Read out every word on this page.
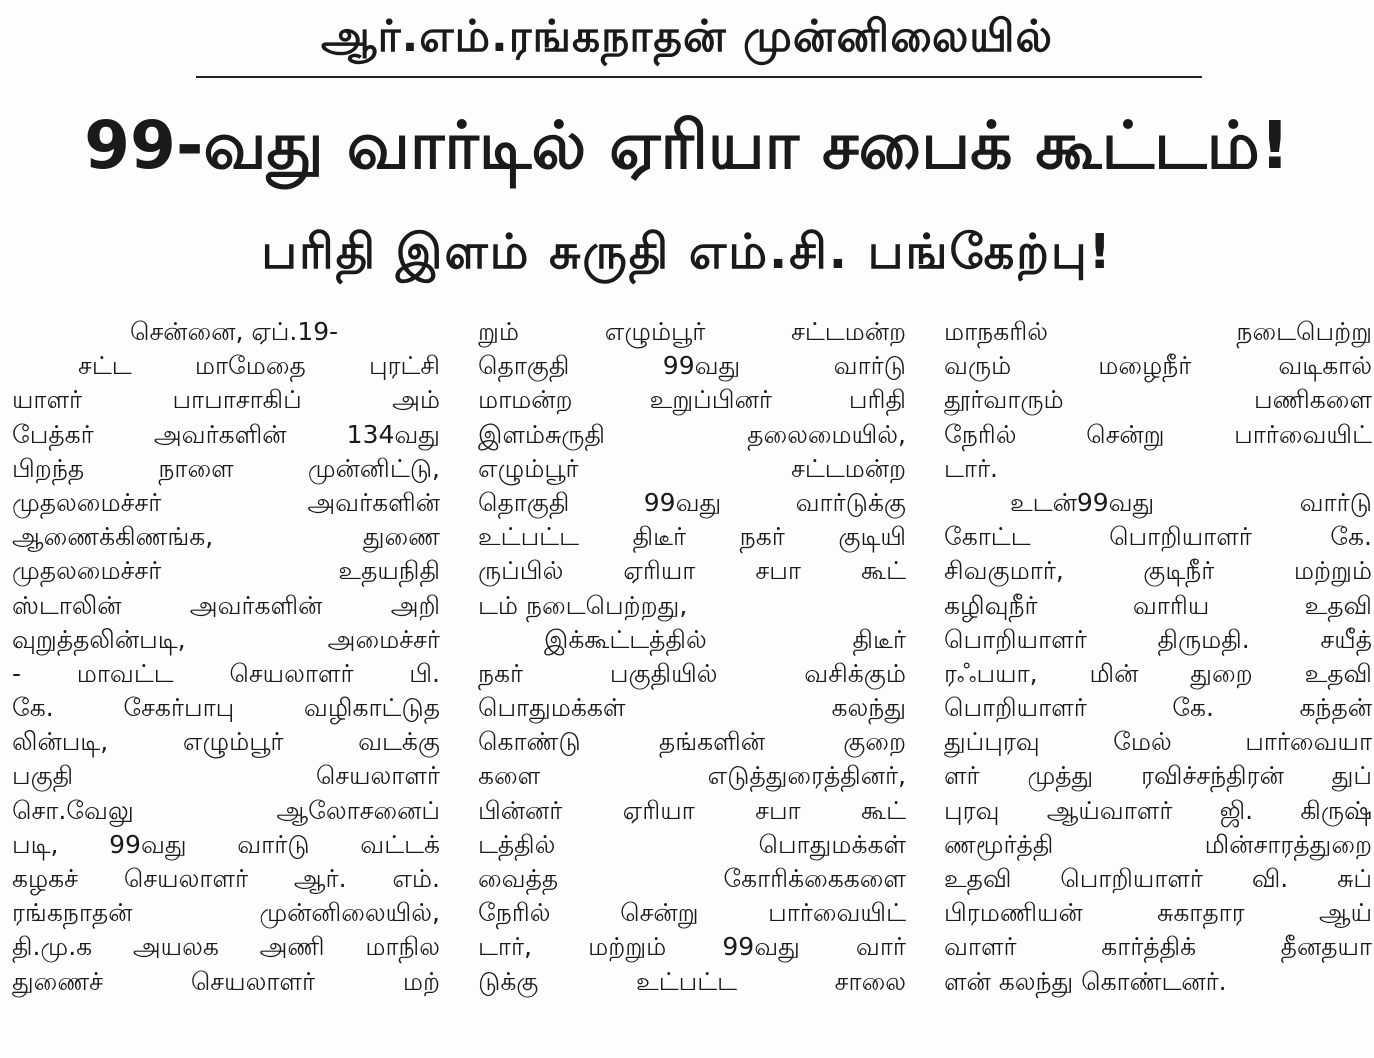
ஆர்.எம்.ரங்கநாதன் முன்னிலையில்
99-வது வார்டில் ஏரியா சபைக் கூட்டம்!
பரிதி இளம் சுருதி எம்.சி. பங்கேற்பு!
சென்னை, ஏப்.19-
சட்ட மாமேதை புரட்சி
யாளர் பாபாசாகிப் அம்
பேத்கர் அவர்களின் 134வது
பிறந்த நாளை முன்னிட்டு,
முதலமைச்சர் அவர்களின்
ஆணைக்கிணங்க, துணை
முதலமைச்சர் உதயநிதி
ஸ்டாலின் அவர்களின் அறி
வுறுத்தலின்படி, அமைச்சர்
- மாவட்ட செயலாளர் பி.
கே. சேகர்பாபு வழிகாட்டுத
லின்படி, எழும்பூர் வடக்கு
பகுதி செயலாளர்
சொ.வேலு ஆலோசனைப்
படி, 99வது வார்டு வட்டக்
கழகச் செயலாளர் ஆர். எம்.
ரங்கநாதன் முன்னிலையில்,
தி.மு.க அயலக அணி மாநில
துணைச் செயலாளர் மற்
றும் எழும்பூர் சட்டமன்ற
தொகுதி 99வது வார்டு
மாமன்ற உறுப்பினர் பரிதி
இளம்சுருதி தலைமையில்,
எழும்பூர் சட்டமன்ற
தொகுதி 99வது வார்டுக்கு
உட்பட்ட திடீர் நகர் குடியி
ருப்பில் ஏரியா சபா கூட்
டம் நடைபெற்றது,
இக்கூட்டத்தில் திடீர்
நகர் பகுதியில் வசிக்கும்
பொதுமக்கள் கலந்து
கொண்டு தங்களின் குறை
களை எடுத்துரைத்தினர்,
பின்னர் ஏரியா சபா கூட்
டத்தில் பொதுமக்கள்
வைத்த கோரிக்கைகளை
நேரில் சென்று பார்வையிட்
டார், மற்றும் 99வது வார்
டுக்கு உட்பட்ட சாலை
மாநகரில் நடைபெற்று
வரும் மழைநீர் வடிகால்
தூர்வாரும் பணிகளை
நேரில் சென்று பார்வையிட்
டார்.
உடன்99வது வார்டு
கோட்ட பொறியாளர் கே.
சிவகுமார், குடிநீர் மற்றும்
கழிவுநீர் வாரிய உதவி
பொறியாளர் திருமதி. சயீத்
ரஃபயா, மின் துறை உதவி
பொறியாளர் கே. கந்தன்
துப்புரவு மேல் பார்வையா
ளர் முத்து ரவிச்சந்திரன் துப்
புரவு ஆய்வாளர் ஜி. கிருஷ்
ணமூர்த்தி மின்சாரத்துறை
உதவி பொறியாளர் வி. சுப்
பிரமணியன் சுகாதார ஆய்
வாளர் கார்த்திக் தீனதயா
ளன் கலந்து கொண்டனர்.
